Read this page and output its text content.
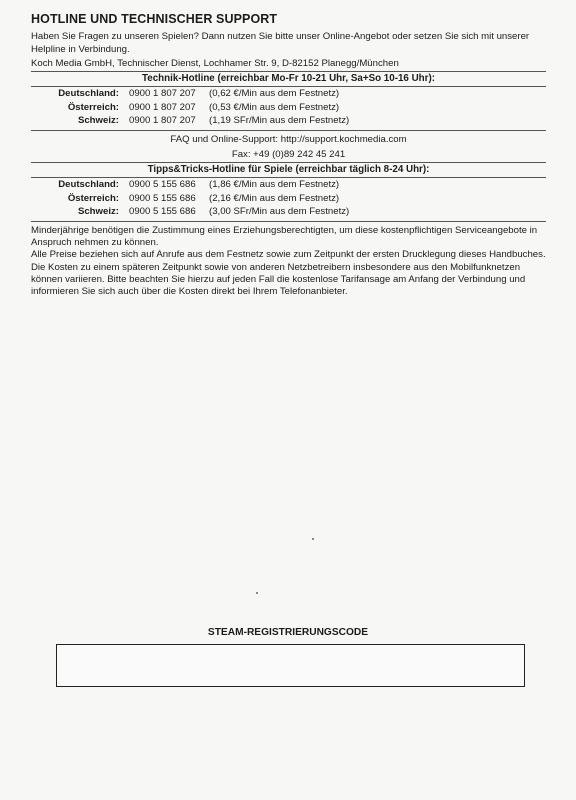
HOTLINE UND TECHNISCHER SUPPORT
Haben Sie Fragen zu unseren Spielen? Dann nutzen Sie bitte unser Online-Angebot oder setzen Sie sich mit unserer Helpline in Verbindung.
Koch Media GmbH, Technischer Dienst, Lochhamer Str. 9, D-82152 Planegg/München
Technik-Hotline (erreichbar Mo-Fr 10-21 Uhr, Sa+So 10-16 Uhr):
Deutschland:	0900 1 807 207	(0,62 €/Min aus dem Festnetz)
Österreich:	0900 1 807 207	(0,53 €/Min aus dem Festnetz)
Schweiz:	0900 1 807 207	(1,19 SFr/Min aus dem Festnetz)
FAQ und Online-Support: http://support.kochmedia.com
Fax: +49 (0)89 242 45 241
Tipps&Tricks-Hotline für Spiele (erreichbar täglich 8-24 Uhr):
Deutschland:	0900 5 155 686	(1,86 €/Min aus dem Festnetz)
Österreich:	0900 5 155 686	(2,16 €/Min aus dem Festnetz)
Schweiz:	0900 5 155 686	(3,00 SFr/Min aus dem Festnetz)

Minderjährige benötigen die Zustimmung eines Erziehungsberechtigten, um diese kostenpflichtigen Serviceangebote in Anspruch nehmen zu können.

Alle Preise beziehen sich auf Anrufe aus dem Festnetz sowie zum Zeitpunkt der ersten Drucklegung dieses Handbuches. Die Kosten zu einem späteren Zeitpunkt sowie von anderen Netzbetreibern insbesondere aus den Mobilfunknetzen können variieren. Bitte beachten Sie hierzu auf jeden Fall die kostenlose Tarifansage am Anfang der Verbindung und informieren Sie sich auch über die Kosten direkt bei Ihrem Telefonanbieter.

STEAM-REGISTRIERUNGSCODE
